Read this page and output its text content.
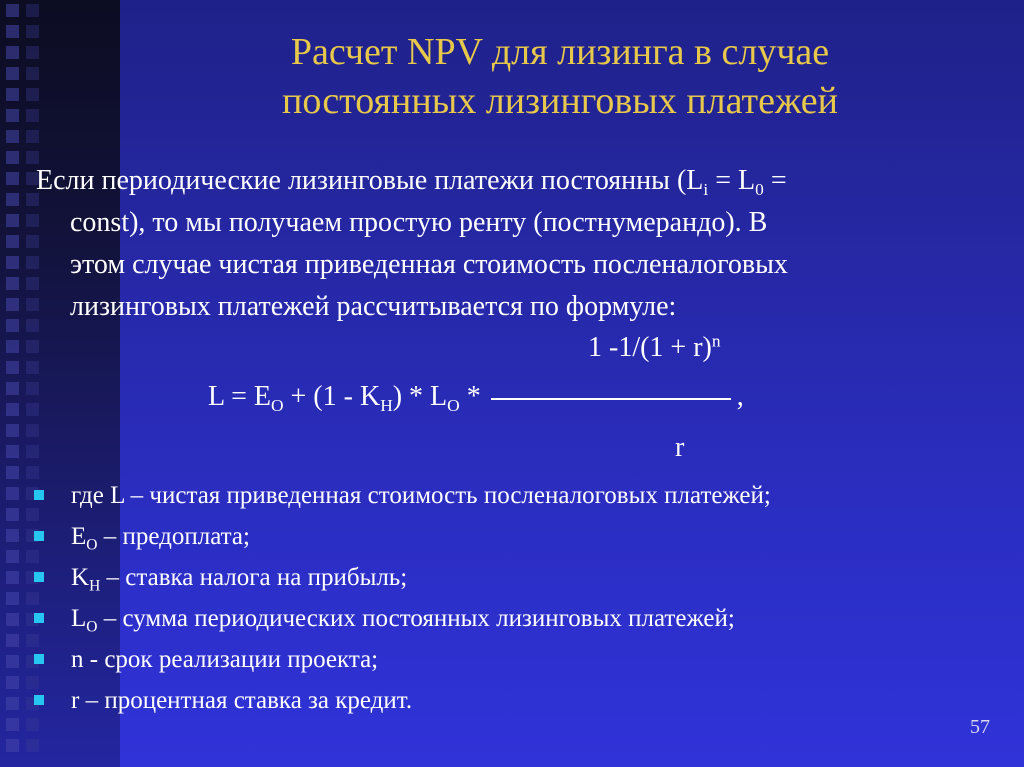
Расчет NPV для лизинга в случае
постоянных лизинговых платежей
Если периодические лизинговые платежи постоянны ($L_i = L_0$ =
const), то мы получаем простую ренту (постнумерандо). В
этом случае чистая приведенная стоимость посленалоговых
лизинговых платежей рассчитывается по формуле:
1 $-1/(1 + r)^n$
$L = E_O + (1 - K_H) * L_O$ *	,
r
где L – чистая приведенная стоимость посленалоговых платежей;
$E_O$ – предоплата;
$K_H$ – ставка налога на прибыль;
$L_O$ – сумма периодических постоянных лизинговых платежей;
n - срок реализации проекта;
r – процентная ставка за кредит.
57
